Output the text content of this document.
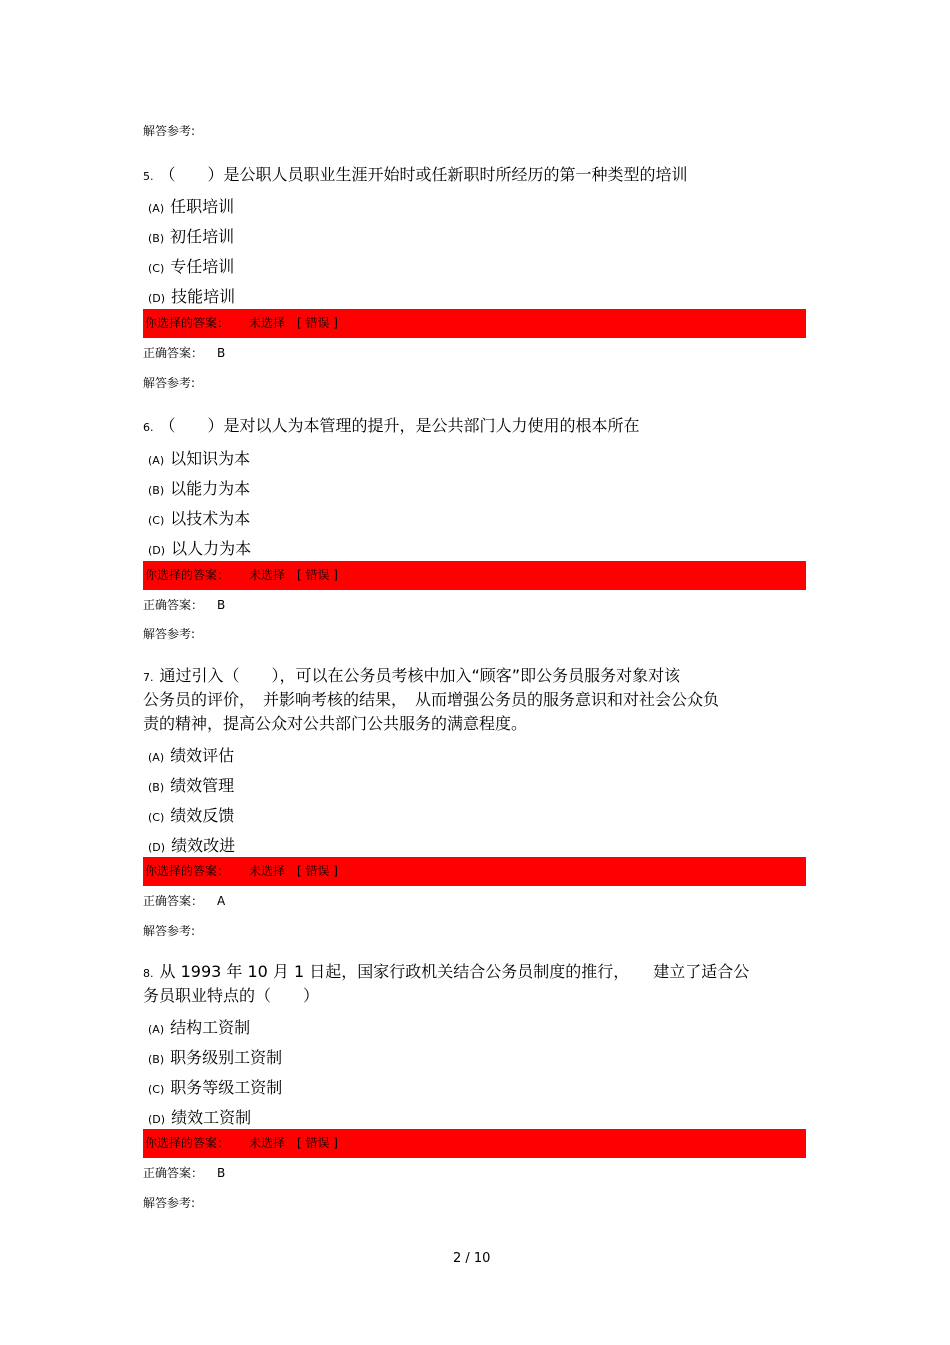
解答参考:
5. （　　）是公职人员职业生涯开始时或任新职时所经历的第一种类型的培训
(A) 任职培训
(B) 初任培训
(C) 专任培训
(D) 技能培训
你选择的答案： 未选择 [ 错误 ]
正确答案： B
解答参考:
6. （　　）是对以人为本管理的提升，是公共部门人力使用的根本所在
(A) 以知识为本
(B) 以能力为本
(C) 以技术为本
(D) 以人力为本
你选择的答案： 未选择 [ 错误 ]
正确答案： B
解答参考:
7. 通过引入（　　），可以在公务员考核中加入“顾客”即公务员服务对象对该
公务员的评价，　并影响考核的结果，　从而增强公务员的服务意识和对社会公众负
责的精神，提高公众对公共部门公共服务的满意程度。
(A) 绩效评估
(B) 绩效管理
(C) 绩效反馈
(D) 绩效改进
你选择的答案： 未选择 [ 错误 ]
正确答案： A
解答参考:
8. 从 1993 年 10 月 1 日起，国家行政机关结合公务员制度的推行，　　建立了适合公
务员职业特点的（　　）
(A) 结构工资制
(B) 职务级别工资制
(C) 职务等级工资制
(D) 绩效工资制
你选择的答案： 未选择 [ 错误 ]
正确答案： B
解答参考:
2 / 10
